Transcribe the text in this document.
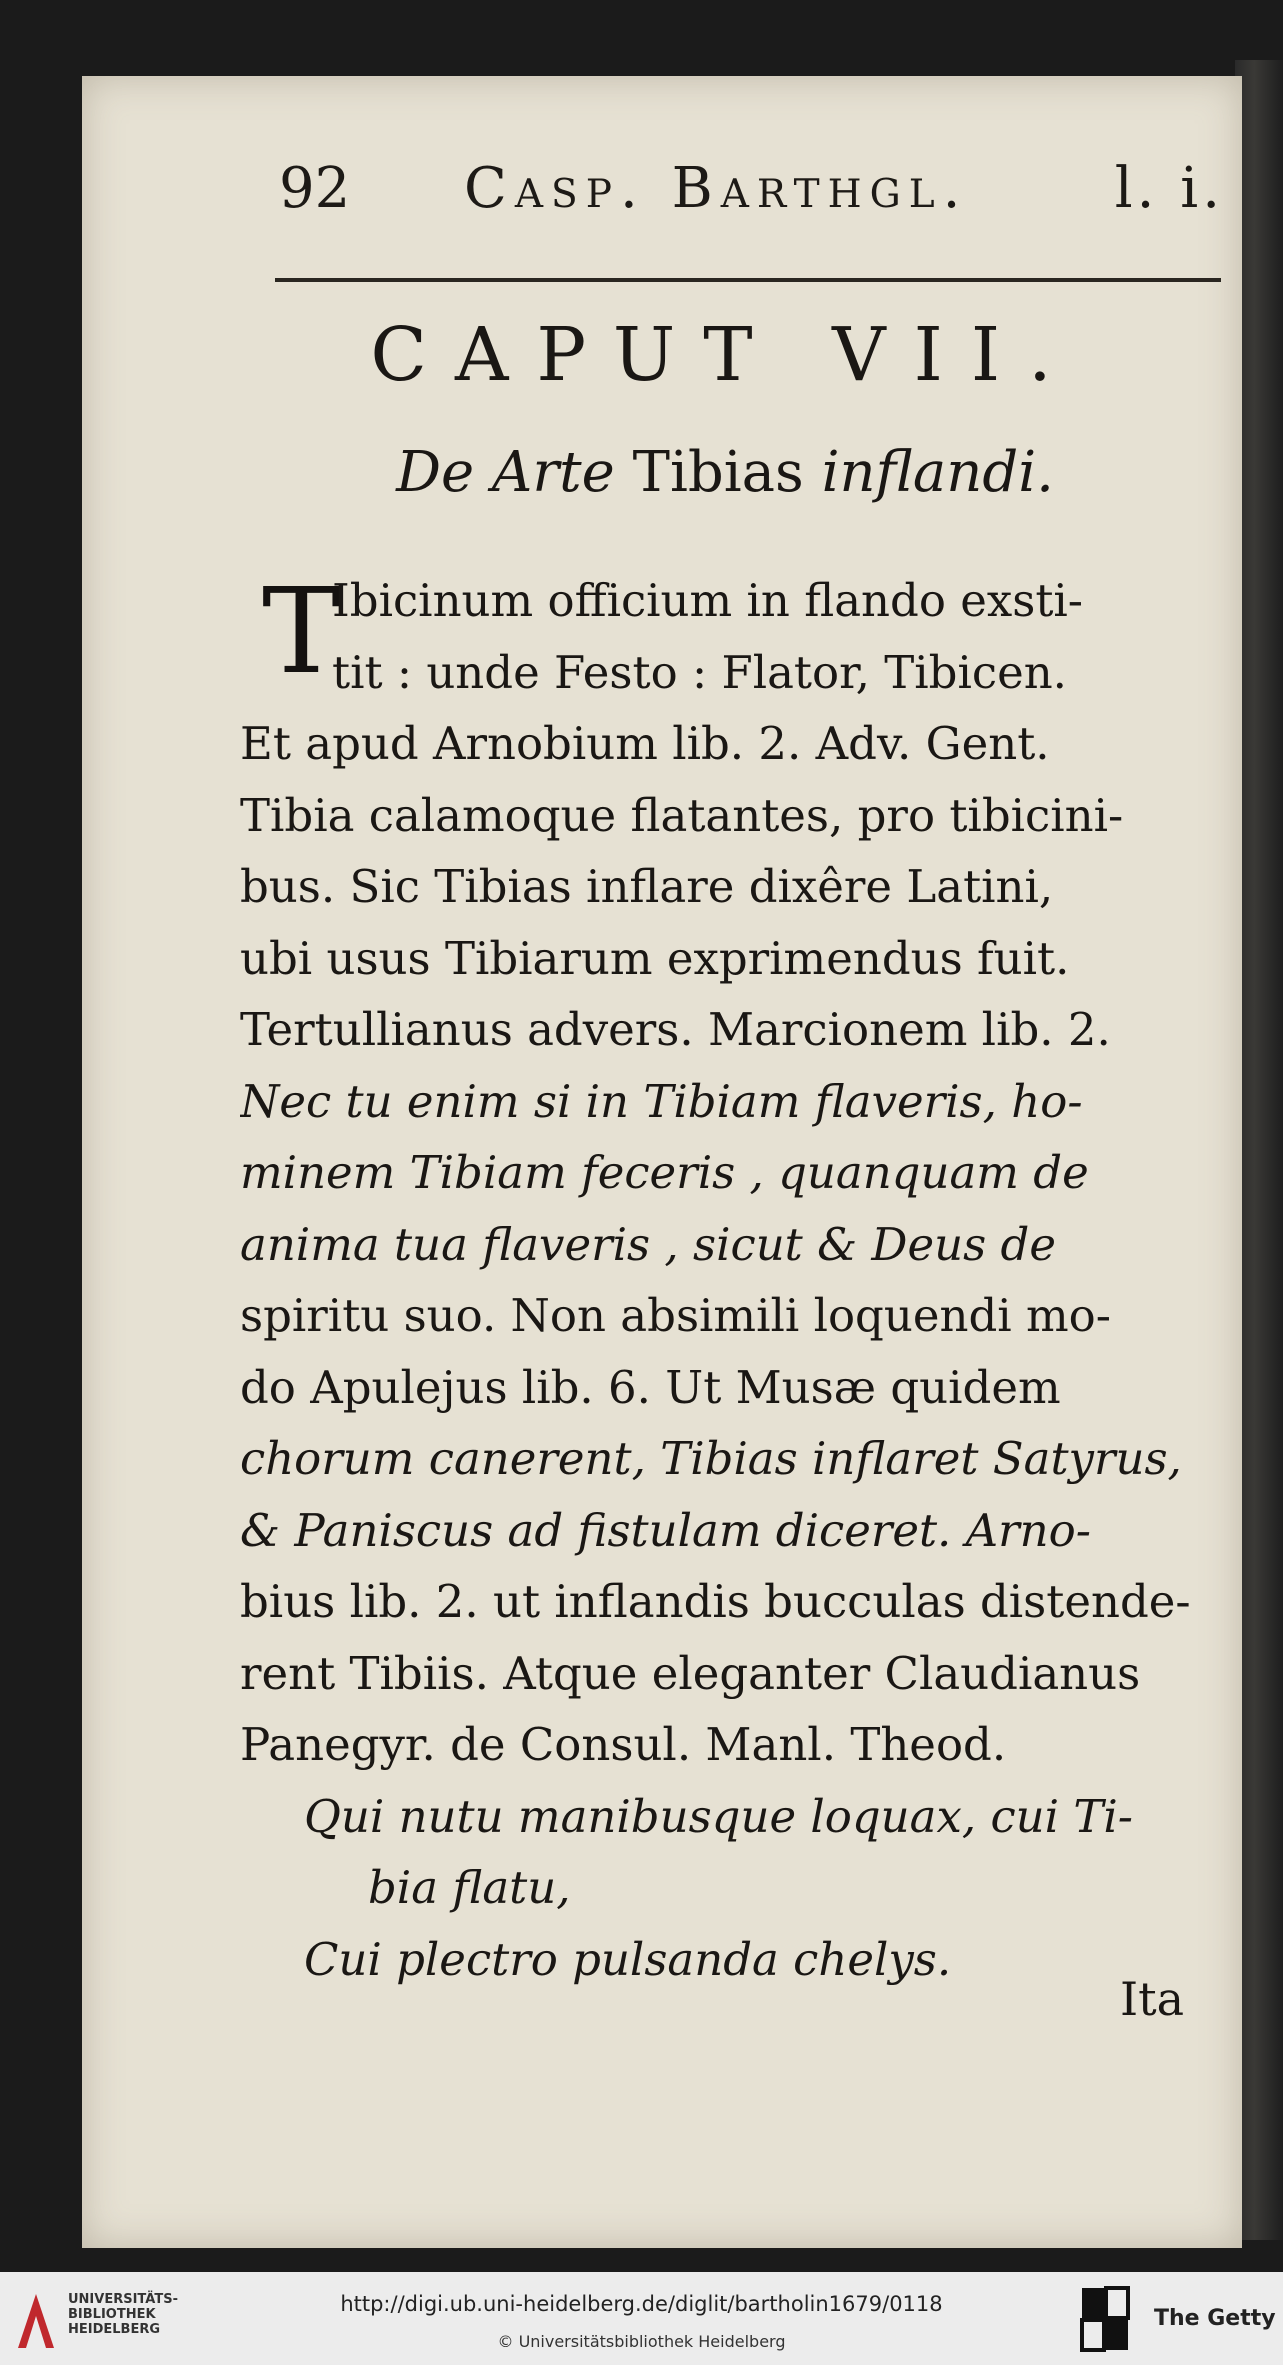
92 Casp. Barthgl.	l. i.
CAPUT VII.
De Arte Tibias inflandi.
T
Ibicinum officium in flando exsti-
tit : unde Festo : Flator, Tibicen.
Et apud Arnobium lib. 2. Adv. Gent.
Tibia calamoque flatantes, pro tibicini-
bus. Sic Tibias inflare dixêre Latini,
ubi usus Tibiarum exprimendus fuit.
Tertullianus advers. Marcionem lib. 2.
Nec tu enim si in Tibiam flaveris, ho-
minem Tibiam feceris , quanquam de
anima tua flaveris , sicut & Deus de
spiritu suo. Non absimili loquendi mo-
do Apulejus lib. 6. Ut Musæ quidem
chorum canerent, Tibias inflaret Satyrus,
& Paniscus ad fistulam diceret. Arno-
bius lib. 2. ut inflandis bucculas distende-
rent Tibiis. Atque eleganter Claudianus
Panegyr. de Consul. Manl. Theod.
Qui nutu manibusque loquax, cui Ti-
bia flatu,
Cui plectro pulsanda chelys.
Ita
UNIVERSITÄTS-
BIBLIOTHEK
HEIDELBERG
http://digi.ub.uni-heidelberg.de/diglit/bartholin1679/0118
© Universitätsbibliothek Heidelberg
The Getty
